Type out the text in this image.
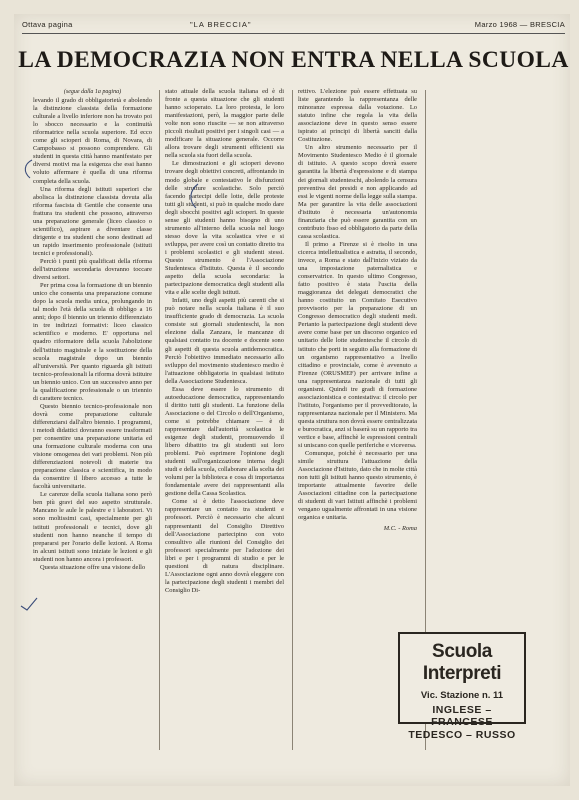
Ottava pagina	"LA BRECCIA"	Marzo 1968 — BRESCIA
LA DEMOCRAZIA NON ENTRA NELLA SCUOLA
(segue dalla 1a pagina)

levando il grado di obbligatorietà e abolendo la distinzione classista della formazione culturale a livello inferiore non ha trovato poi lo sbocco necessario e la continuità riformatrice nella scuola superiore. Ed ecco come gli scioperi di Roma, di Novara, di Campobasso si possono comprendere. Gli studenti in questa città hanno manifestato per diversi motivi ma la esigenza che essi hanno voluto affermare è quella di una riforma completa della scuola.

Una riforma degli istituti superiori che abolisca la distinzione classista dovuta alla riforma fascista di Gentile che consente una frattura tra studenti che possono, attraverso una preparazione generale (liceo classico o scientifico), aspirare a diventare classe dirigente e tra studenti che sono destinati ad un rapido inserimento professionale (istituti tecnici e professionali).

Perciò i punti più qualificati della riforma dell'istruzione secondaria dovranno toccare diversi settori.

Per prima cosa la formazione di un biennio unico che consenta una preparazione comune dopo la scuola media unica, prolungando in tal modo l'età della scuola di obbligo a 16 anni; dopo il biennio un triennio differenziato in tre indirizzi formativi: liceo classico scientifico e moderno. E' opportuna nel quadro riformatore della scuola l'abolizione dell'istituto magistrale e la sostituzione della scuola magistrale dopo un biennio all'università. Per quanto riguarda gli istituti tecnico-professionali la riforma dovrà istituire un biennio unico. Con un successivo anno per la qualificazione professionale o un triennio di carattere tecnico.

Questo biennio tecnico-professionale non dovrà come preparazione culturale differenziarsi dall'altro biennio. I programmi, i metodi didattici dovranno essere trasformati per consentire una preparazione unitaria ed una formazione culturale moderna con una visione omogenea dei vari problemi. Non più differenziazioni notevoli di materie tra preparazione classica e scientifica, in modo da consentire il libero accesso a tutte le facoltà universitarie.

Le carenze della scuola italiana sono però ben più gravi del suo aspetto strutturale. Mancano le aule le palestre e i laboratori. Vi sono moltissimi casi, specialmente per gli istituti professionali e tecnici, dove gli studenti non hanno neanche il tempo di prepararsi per l'orario delle lezioni. A Roma in alcuni istituti sono iniziate le lezioni e gli studenti non hanno ancora i professori.

Questa situazione offre una visione dello

stato attuale della scuola italiana ed è di fronte a questa situazione che gli studenti hanno scioperato. La loro protesta, le loro manifestazioni, però, la maggior parte delle volte non sono riuscite — se non attraverso piccoli risultati positivi per i singoli casi — a modificare la situazione generale. Occorre allora trovare degli strumenti efficienti sia nella scuola sia fuori della scuola.

Le dimostrazioni e gli scioperi devono trovare degli obiettivi concreti, affrontando in modo globale e contestativo le disfunzioni delle strutture scolastiche. Solo perciò facendo partecipi delle lotte, delle proteste tutti gli studenti, si può in qualche modo dare degli sbocchi positivi agli scioperi. In queste sense gli studenti hanno bisogno di uno strumento all'interno della scuola nel luogo stesso dove la vita scolastica vive e si sviluppa, per avere così un contatto diretto tra i problemi scolastici e gli studenti stessi. Questo strumento è l'Associazione Studentesca d'Istituto. Questa è il secondo aspetto della scuola secondaria: la partecipazione democratica degli studenti alla vita e alle scelte degli istituti.

Infatti, uno degli aspetti più carenti che si può notare nella scuola italiana è il suo insufficiente grado di democrazia. La scuola consiste sui giornali studenteschi, la non elezione dalla Zanzara, le mancanze di qualsiasi contatto tra docente e docente sono gli aspetti di questa scuola antidemocratica. Perciò l'obiettivo immediato necessario allo sviluppo del movimento studentesco medio è l'attuazione obbligatoria in qualsiasi istituto della Associazione Studentesca.

Essa deve essere lo strumento di autoeducazione democratica, rappresentando il diritto tutti gli studenti. La funzione della Associazione o del Circolo o dell'Organismo, come si potrebbe chiamare — è di rappresentare dall'autorità scolastica le esigenze degli studenti, promuovendo il libero dibattito tra gli studenti sui loro problemi. Può esprimere l'opinione degli studenti sull'organizzazione interna degli studi e della scuola, collaborare alla scelta dei volumi per la biblioteca e cosa di importanza fondamentale avere dei rappresentanti alla gestione della Cassa Scolastica.

Come si è detto l'associazione deve rappresentare un contatto tra studenti e professori. Perciò è necessario che alcuni rappresentanti del Consiglio Direttivo dell'Associazione partecipino con voto consultivo alle riunioni del Consiglio dei professori specialmente per l'adozione dei libri e per i programmi di studio e per le questioni di natura disciplinare. L'Associazione ogni anno dovrà eleggere con la partecipazione degli studenti i membri del Consiglio Di-

rettivo. L'elezione può essere effettuata su liste garantendo la rappresentanza delle minoranze espressa dalla votazione. Lo statuto infine che regola la vita della associazione deve in questo senso essere ispirato ai principi di libertà sanciti dalla Costituzione.

Un altro strumento necessario per il Movimento Studentesco Medio è il giornale di istituto. A questo scopo dovrà essere garantita la libertà d'espressione e di stampa dei giornali studenteschi, abolendo la censura preventiva dei presidi e non applicando ad essi le vigenti norme della legge sulla stampa. Ma per garantire la vita delle associazioni d'istituto è necessaria un'autonomia finanziaria che può essere garantita con un contributo fisso ed obbligatorio da parte della cassa scolastica.

Il primo a Firenze si è risolto in una cicerca intellettualistica e astratta, il secondo, invece, a Roma e stato dall'inizio viziato da una impostazione paternalistica e conservatrice. In questo ultimo Congresso, fatto positivo è stata l'uscita della maggioranza dei delegati democratici che hanno costituito un Comitato Esecutivo provvisorio per la preparazione di un Congresso democratico degli studenti medi. Pertanto la partecipazione degli studenti deve avere come base per un discorso organico ed unitario delle lotte studentesche il circolo di istituto che porti in seguito alla formazione di un organismo rappresentativo a livello cittadino e provinciale, come è avvenuto a Firenze (ORUSMEF) per arrivare infine a una rappresentanza nazionale di tutti gli organismi. Quindi tre gradi di formazione associazionistica e contestativa: il circolo per l'istituto, l'organismo per il provveditorato, la rappresentanza nazionale per il Ministero. Ma questa struttura non dovrà essere centralizzata e burocratica, anzi si baserà su un rapporto tra vertice e base, affinchè le espressioni centrali si uniscano con quelle periferiche e viceversa.

Comunque, poichè è necessario per una simile struttura l'attuazione della Associazione d'Istituto, dato che in molte città non tutti gli istituti hanno questo strumento, è importante attualmente favorire delle Associazioni cittadine con la partecipazione di studenti di vari Istituti affinchè i problemi vengano ugualmente affrontati in una visione organica e unitaria.

M.C. - Roma
Scuola Interpreti
Vic. Stazione n. 11
INGLESE – FRANCESE
TEDESCO – RUSSO
